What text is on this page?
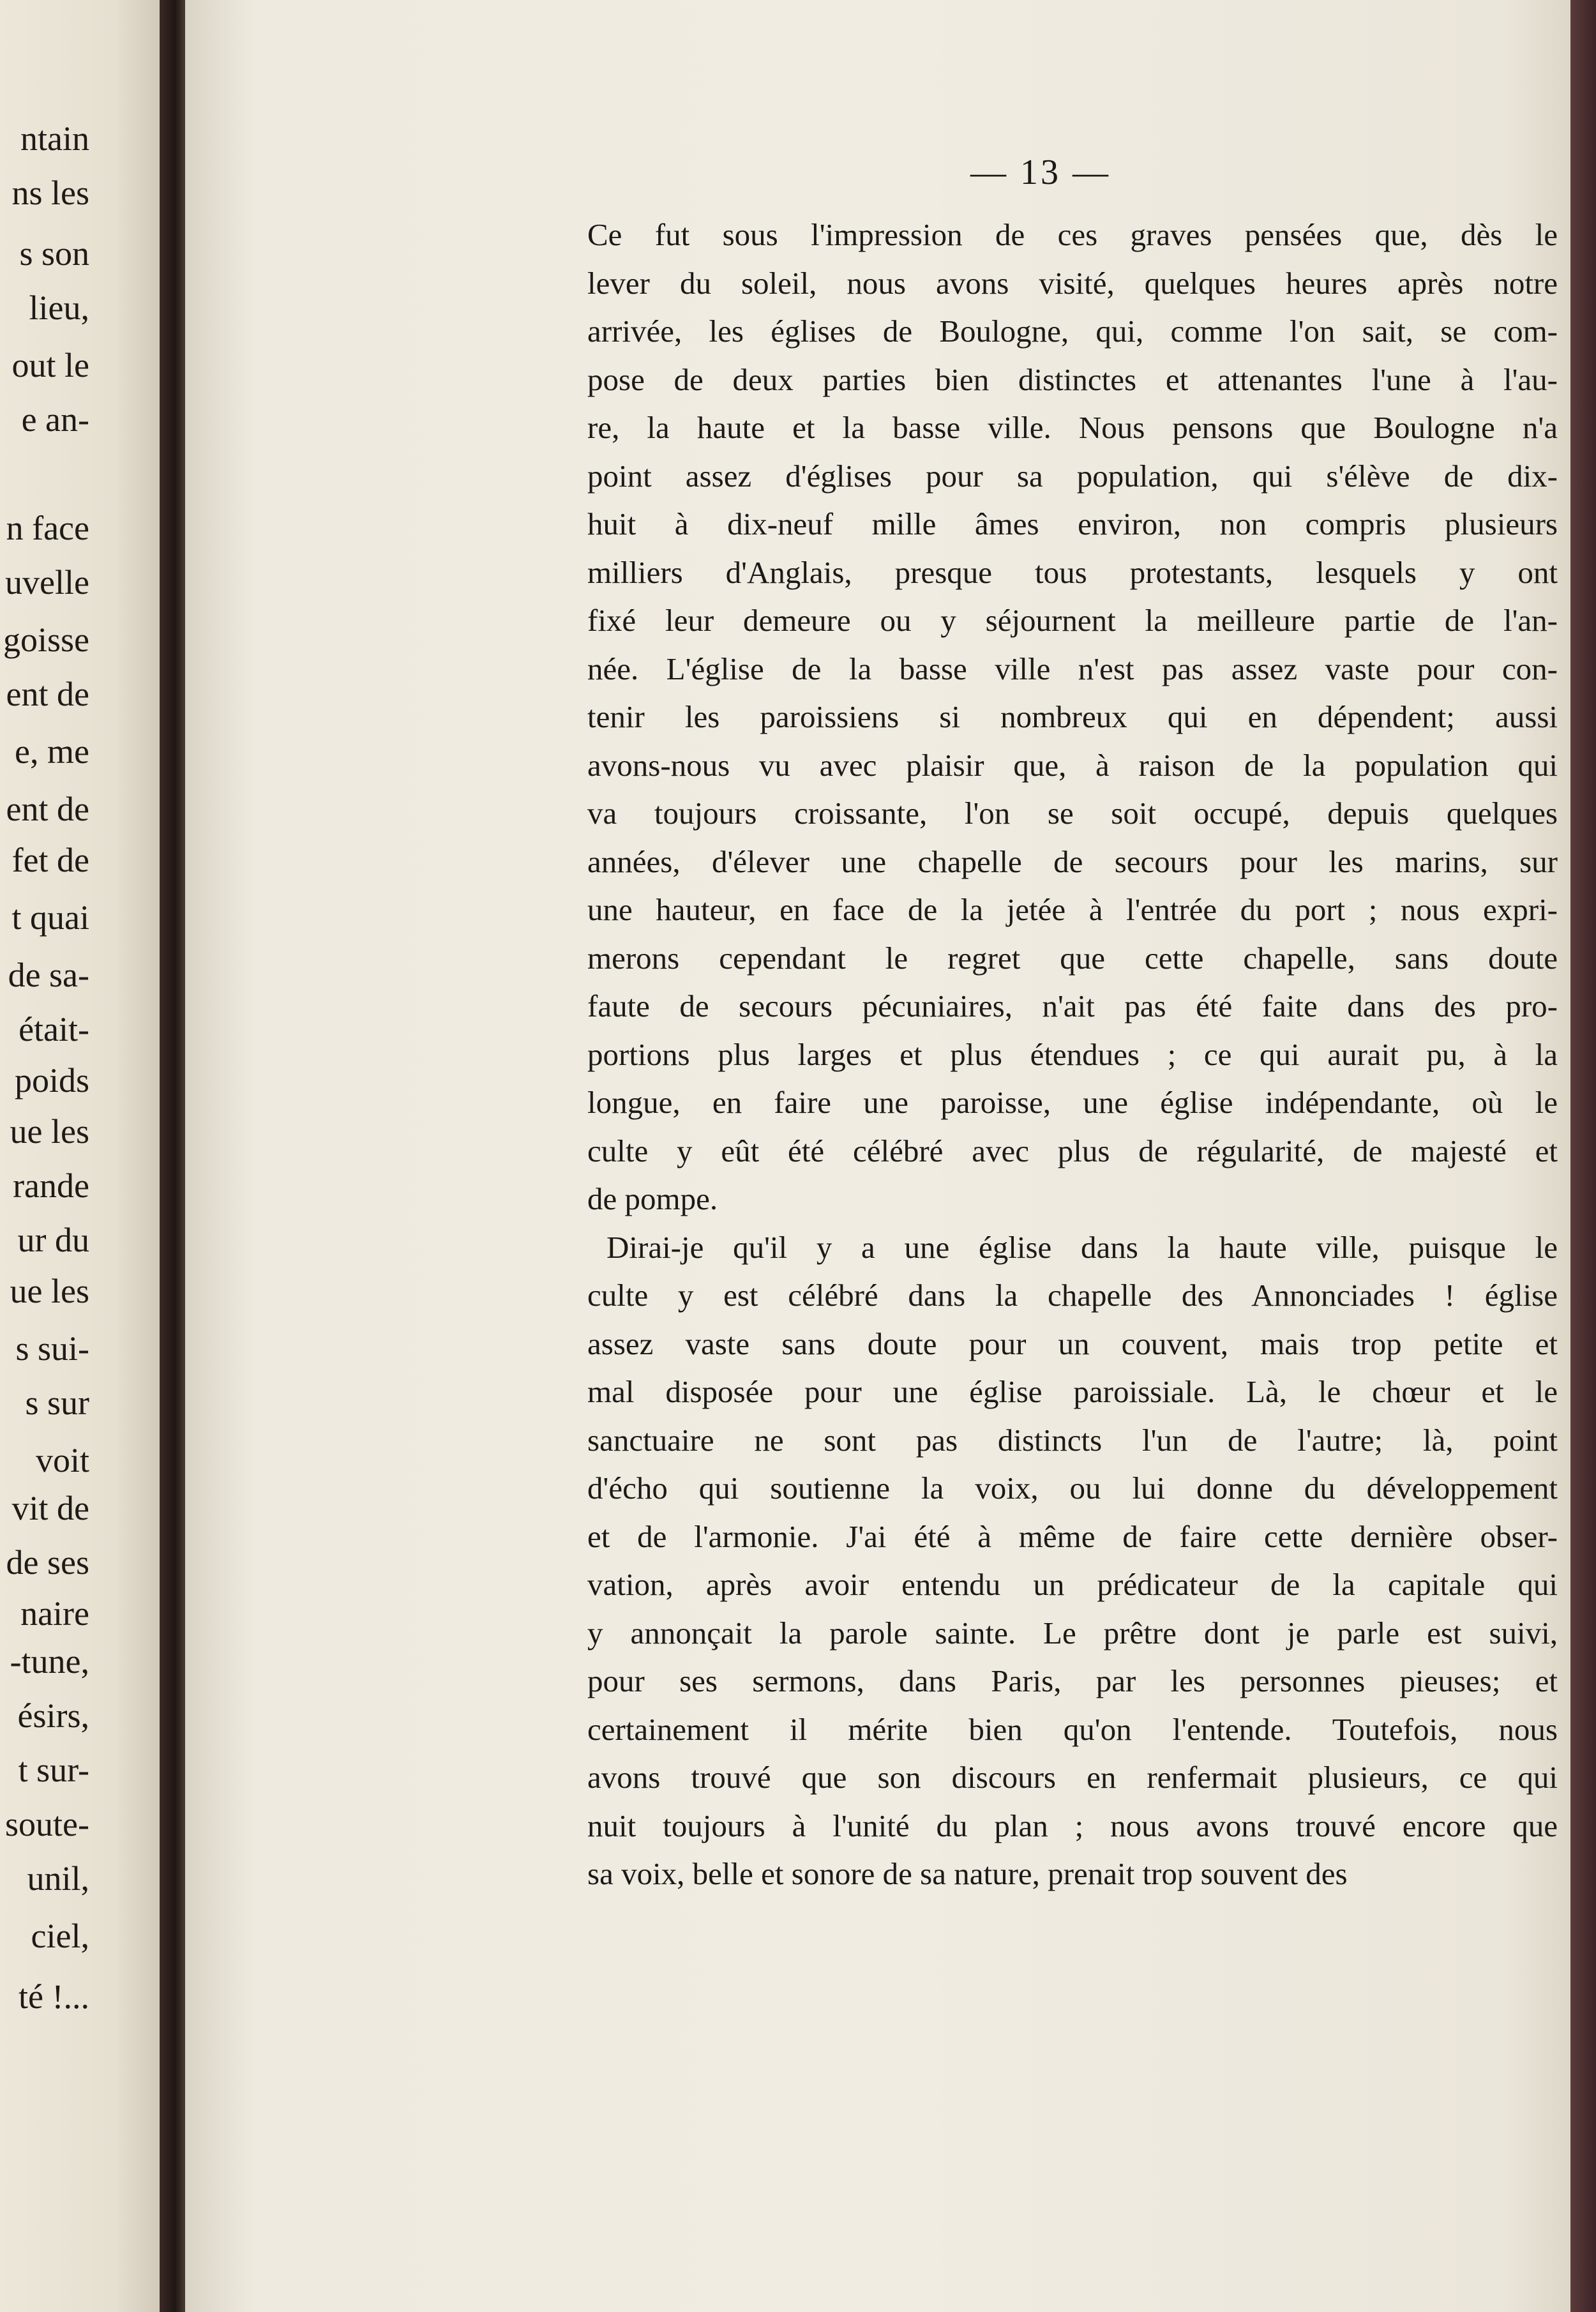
ntain
ns les
s son
lieu,
out le
e an-
n face
uvelle
goisse
ent de
e, me
ent de
fet de
t quai
de sa-
était-
poids
ue les
rande
ur du
ue les
s sui-
s sur
voit
vit de
de ses
naire
-tune,
ésirs,
t sur-
soute-
unil,
ciel,
té !...
— 13 —
Ce fut sous l'impression de ces graves pensées que, dès le
lever du soleil, nous avons visité, quelques heures après notre
arrivée, les églises de Boulogne, qui, comme l'on sait, se com-
pose de deux parties bien distinctes et attenantes l'une à l'au-
re, la haute et la basse ville. Nous pensons que Boulogne n'a
point assez d'églises pour sa population, qui s'élève de dix-
huit à dix-neuf mille âmes environ, non compris plusieurs
milliers d'Anglais, presque tous protestants, lesquels y ont
fixé leur demeure ou y séjournent la meilleure partie de l'an-
née. L'église de la basse ville n'est pas assez vaste pour con-
tenir les paroissiens si nombreux qui en dépendent; aussi
avons-nous vu avec plaisir que, à raison de la population qui
va toujours croissante, l'on se soit occupé, depuis quelques
années, d'élever une chapelle de secours pour les marins, sur
une hauteur, en face de la jetée à l'entrée du port ; nous expri-
merons cependant le regret que cette chapelle, sans doute
faute de secours pécuniaires, n'ait pas été faite dans des pro-
portions plus larges et plus étendues ; ce qui aurait pu, à la
longue, en faire une paroisse, une église indépendante, où le
culte y eût été célébré avec plus de régularité, de majesté et
de pompe.
Dirai-je qu'il y a une église dans la haute ville, puisque le
culte y est célébré dans la chapelle des Annonciades ! église
assez vaste sans doute pour un couvent, mais trop petite et
mal disposée pour une église paroissiale. Là, le chœur et le
sanctuaire ne sont pas distincts l'un de l'autre; là, point
d'écho qui soutienne la voix, ou lui donne du développement
et de l'armonie. J'ai été à même de faire cette dernière obser-
vation, après avoir entendu un prédicateur de la capitale qui
y annonçait la parole sainte. Le prêtre dont je parle est suivi,
pour ses sermons, dans Paris, par les personnes pieuses; et
certainement il mérite bien qu'on l'entende. Toutefois, nous
avons trouvé que son discours en renfermait plusieurs, ce qui
nuit toujours à l'unité du plan ; nous avons trouvé encore que
sa voix, belle et sonore de sa nature, prenait trop souvent des
